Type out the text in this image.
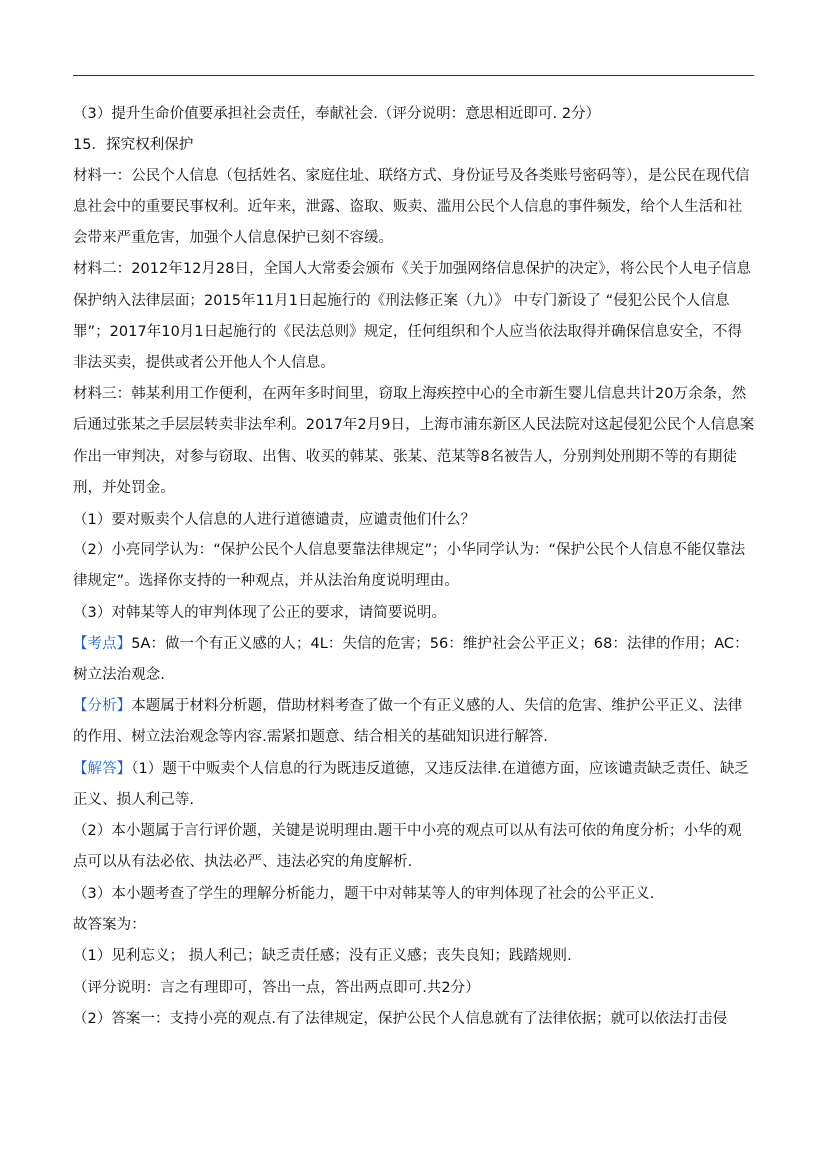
（3）提升生命价值要承担社会责任，奉献社会.（评分说明：意思相近即可. 2分）
15．探究权利保护
材料一：公民个人信息（包括姓名、家庭住址、联络方式、身份证号及各类账号密码等），是公民在现代信息社会中的重要民事权利。近年来，泄露、盗取、贩卖、滥用公民个人信息的事件频发，给个人生活和社会带来严重危害，加强个人信息保护已刻不容缓。
材料二：2012年12月28日，全国人大常委会颁布《关于加强网络信息保护的决定》，将公民个人电子信息保护纳入法律层面；2015年11月1日起施行的《刑法修正案（九）》 中专门新设了 “侵犯公民个人信息罪”；2017年10月1日起施行的《民法总则》规定，任何组织和个人应当依法取得并确保信息安全，不得非法买卖，提供或者公开他人个人信息。
材料三：韩某利用工作便利，在两年多时间里，窃取上海疾控中心的全市新生婴儿信息共计20万余条，然后通过张某之手层层转卖非法牟利。2017年2月9日，上海市浦东新区人民法院对这起侵犯公民个人信息案作出一审判决，对参与窃取、出售、收买的韩某、张某、范某等8名被告人，分别判处刑期不等的有期徒刑，并处罚金。
（1）要对贩卖个人信息的人进行道德谴责，应谴责他们什么？
（2）小亮同学认为：“保护公民个人信息要靠法律规定”；小华同学认为：“保护公民个人信息不能仅靠法律规定”。选择你支持的一种观点，并从法治角度说明理由。
（3）对韩某等人的审判体现了公正的要求，请简要说明。
【考点】5A：做一个有正义感的人；4L：失信的危害；56：维护社会公平正义；68：法律的作用；AC：树立法治观念.
【分析】本题属于材料分析题，借助材料考查了做一个有正义感的人、失信的危害、维护公平正义、法律的作用、树立法治观念等内容.需紧扣题意、结合相关的基础知识进行解答.
【解答】（1）题干中贩卖个人信息的行为既违反道德，又违反法律.在道德方面，应该谴责缺乏责任、缺乏正义、损人利己等.
（2）本小题属于言行评价题，关键是说明理由.题干中小亮的观点可以从有法可依的角度分析；小华的观点可以从有法必依、执法必严、违法必究的角度解析.
（3）本小题考查了学生的理解分析能力，题干中对韩某等人的审判体现了社会的公平正义.
故答案为：
（1）见利忘义； 损人利己；缺乏责任感；没有正义感；丧失良知；践踏规则.
（评分说明：言之有理即可，答出一点，答出两点即可.共2分）
（2）答案一：支持小亮的观点.有了法律规定，保护公民个人信息就有了法律依据；就可以依法打击侵
